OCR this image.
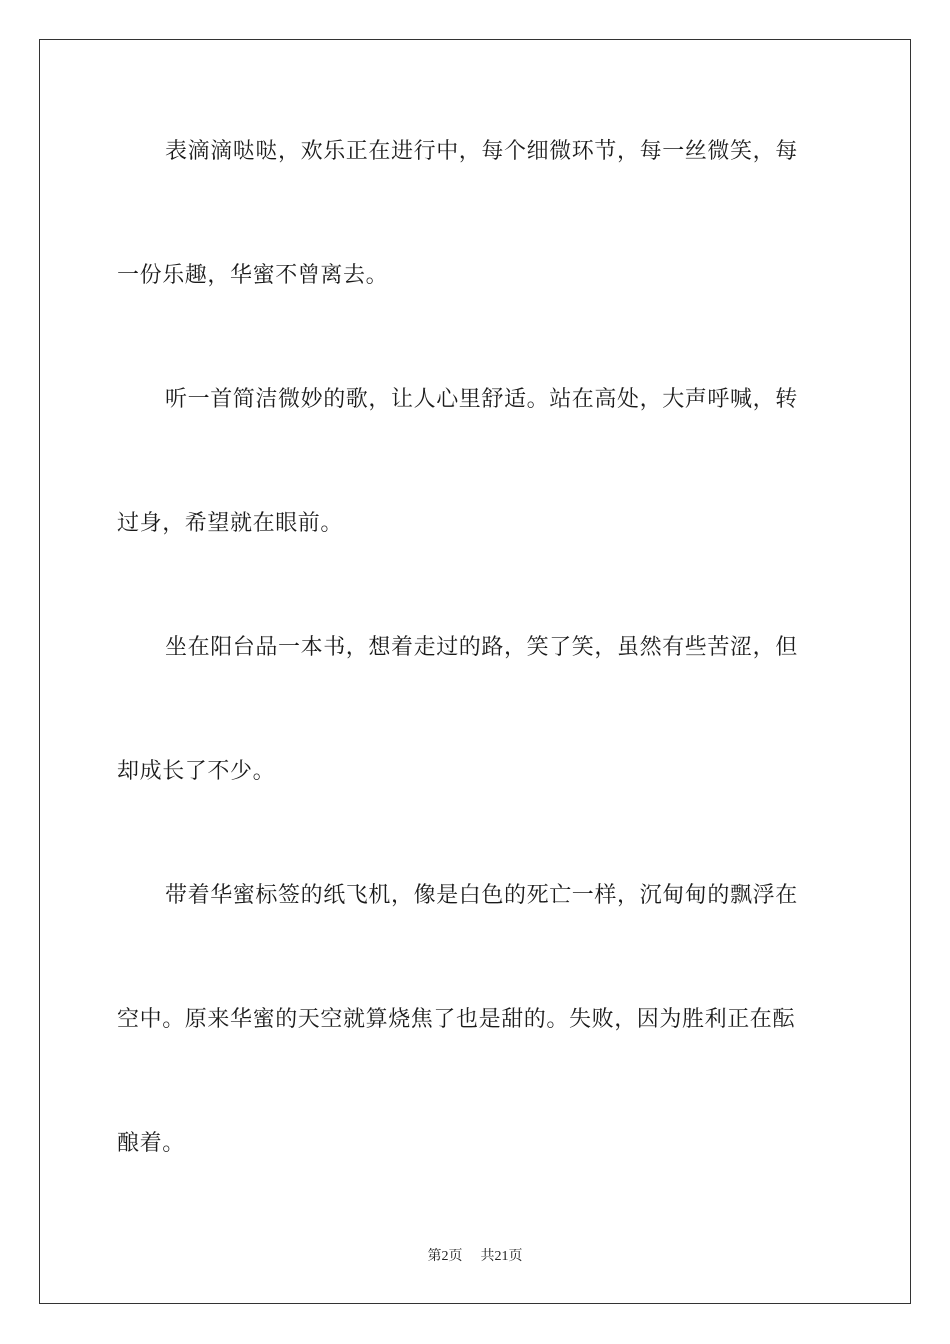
表滴滴哒哒，欢乐正在进行中，每个细微环节，每一丝微笑，每
一份乐趣，华蜜不曾离去。
听一首简洁微妙的歌，让人心里舒适。站在高处，大声呼喊，转
过身，希望就在眼前。
坐在阳台品一本书，想着走过的路，笑了笑，虽然有些苦涩，但
却成长了不少。
带着华蜜标签的纸飞机，像是白色的死亡一样，沉甸甸的飘浮在
空中。原来华蜜的天空就算烧焦了也是甜的。失败，因为胜利正在酝
酿着。
第2页 共21页
